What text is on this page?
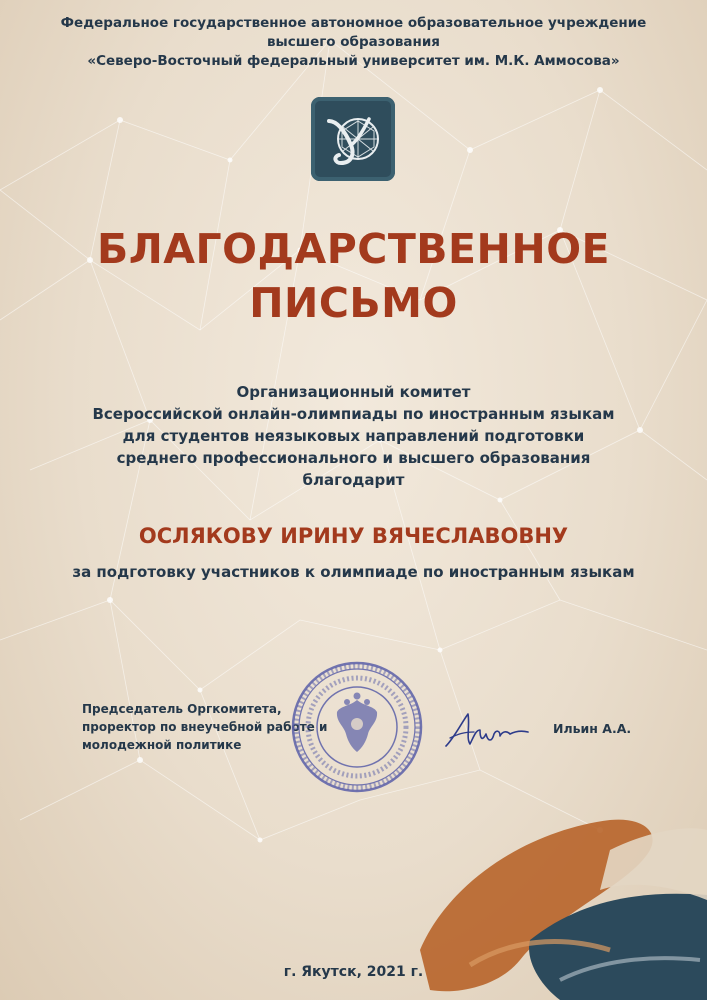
Федеральное государственное автономное образовательное учреждение
высшего образования
«Северо-Восточный федеральный университет им. М.К. Аммосова»
БЛАГОДАРСТВЕННОЕ
ПИСЬМО
Организационный комитет
Всероссийской онлайн-олимпиады по иностранным языкам
для студентов неязыковых направлений подготовки
среднего профессионального и высшего образования
благодарит
ОСЛЯКОВУ ИРИНУ ВЯЧЕСЛАВОВНУ
за подготовку участников к олимпиаде по иностранным языкам
Председатель Оргкомитета,
проректор по внеучебной работе и
молодежной политике
Ильин А.А.
г. Якутск, 2021 г.
